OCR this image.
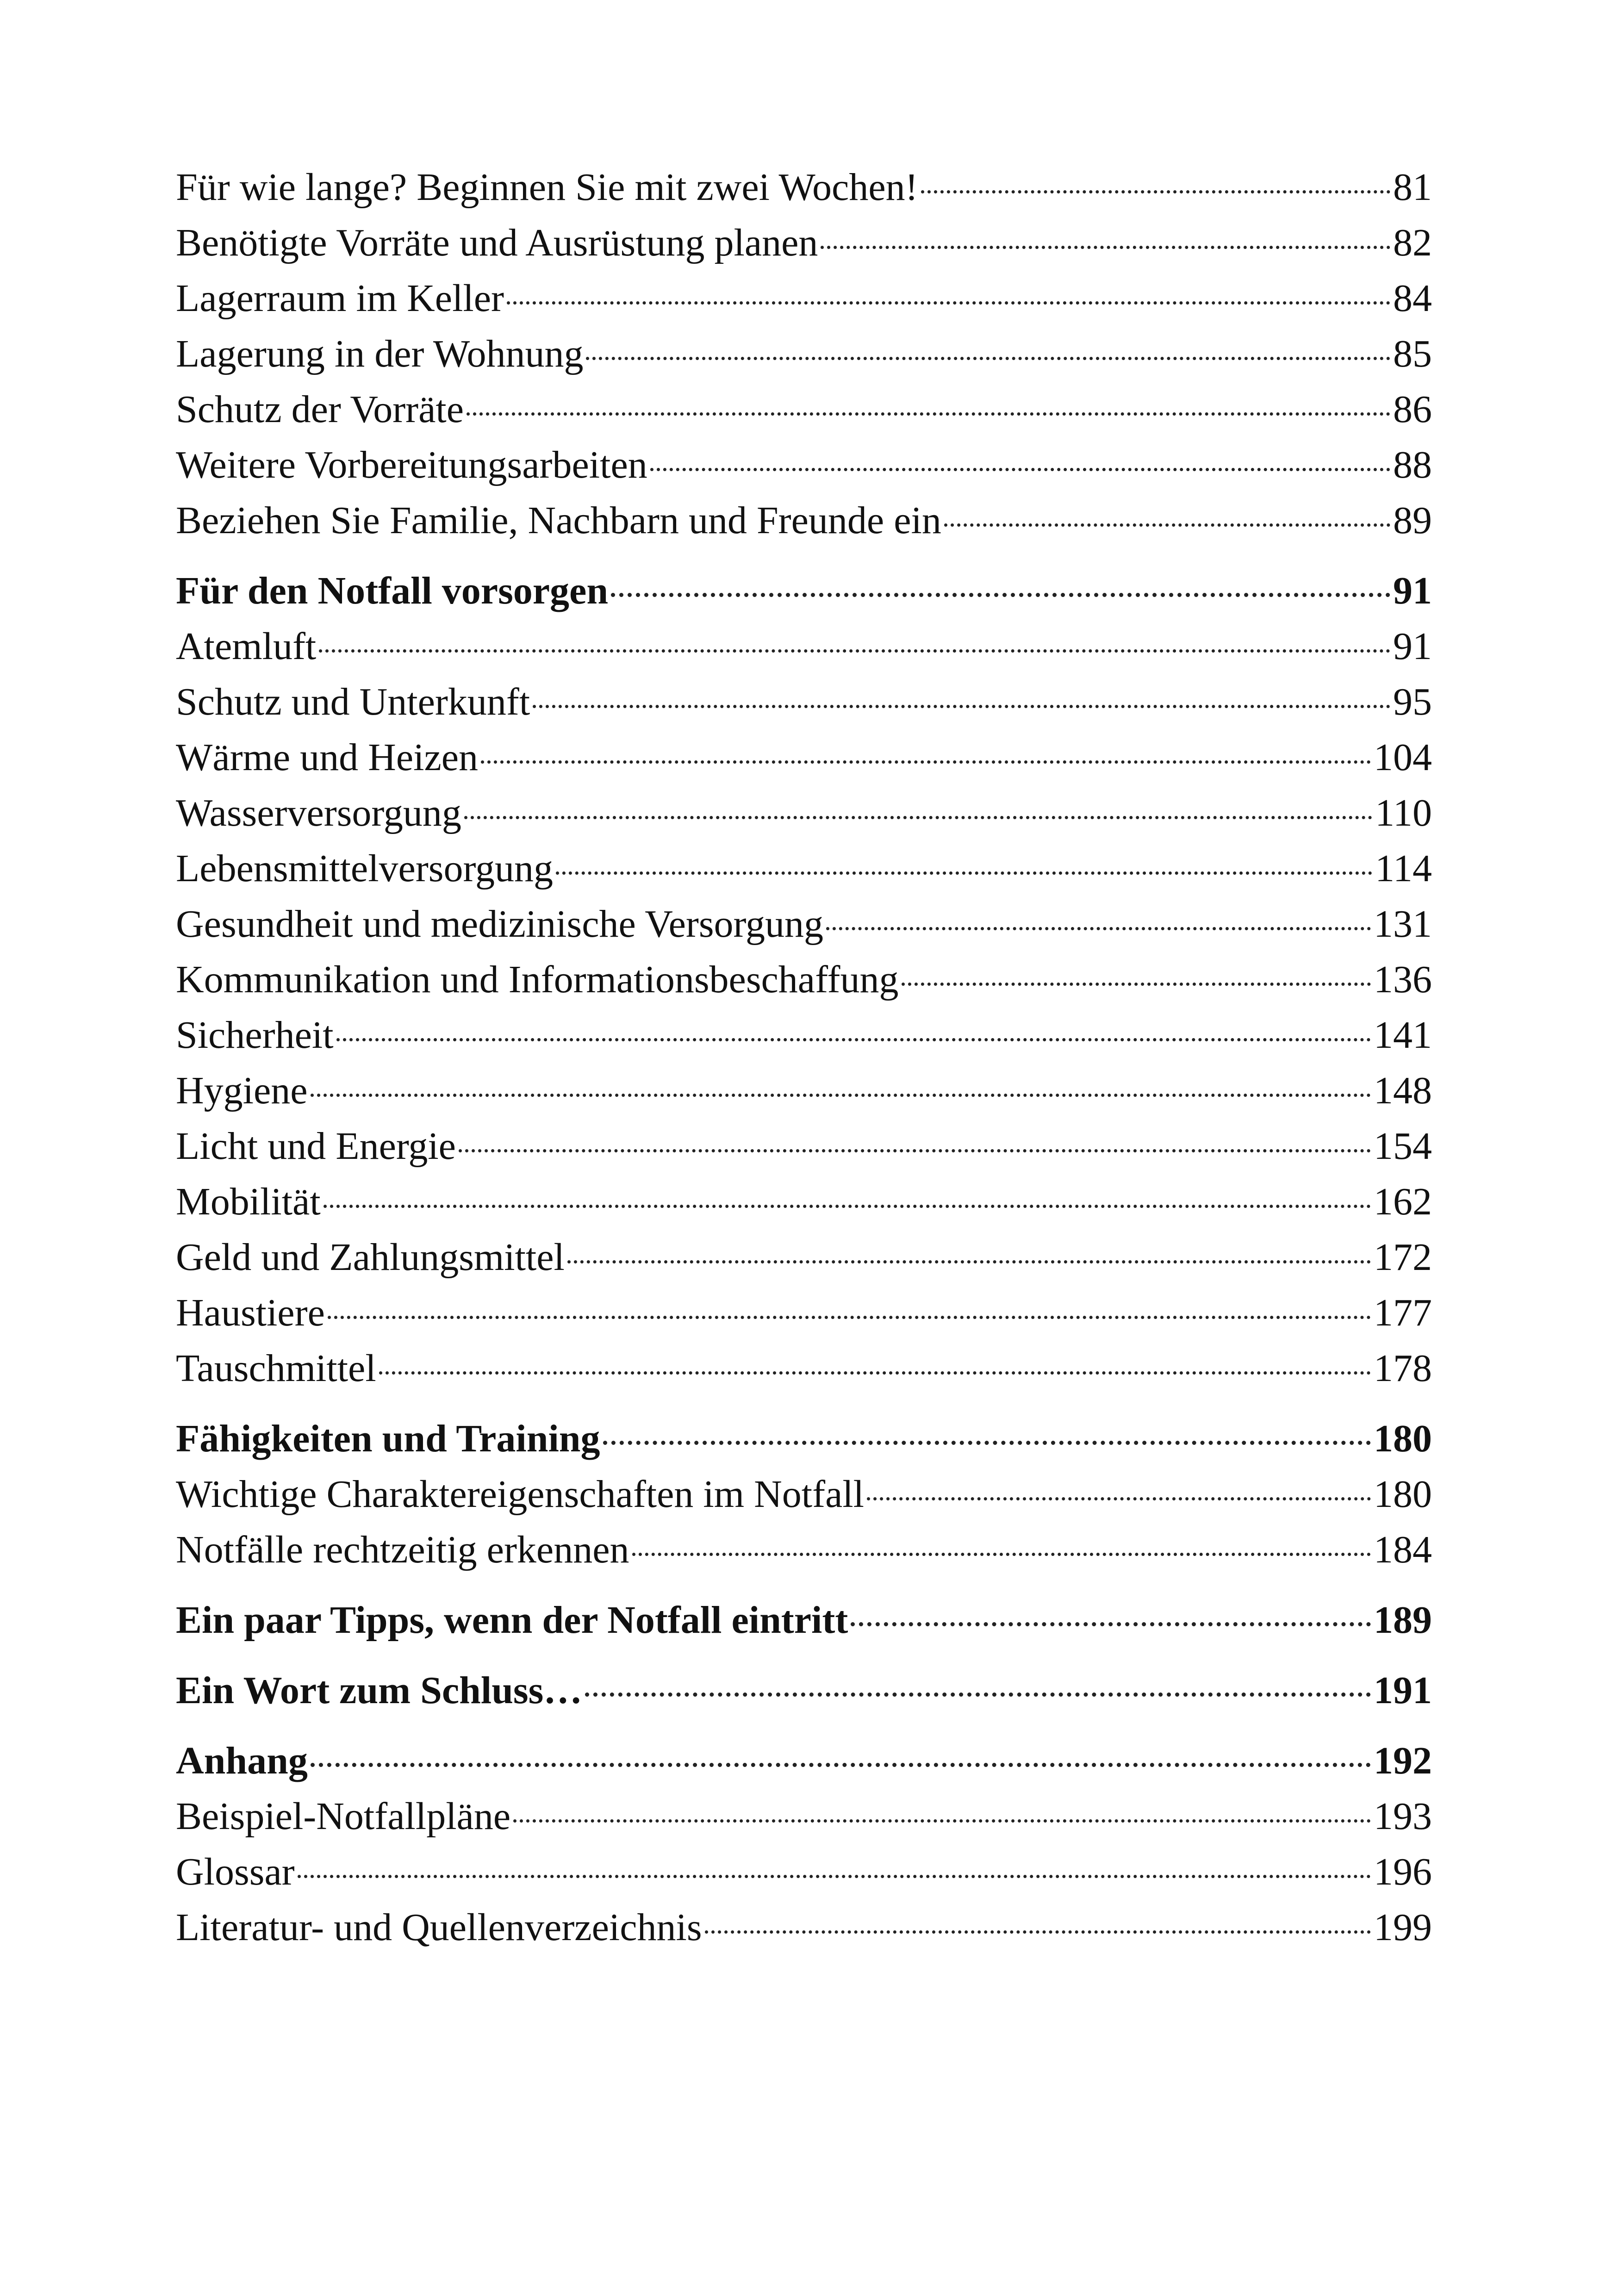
Für wie lange? Beginnen Sie mit zwei Wochen!	81
Benötigte Vorräte und Ausrüstung planen	82
Lagerraum im Keller	84
Lagerung in der Wohnung	85
Schutz der Vorräte	86
Weitere Vorbereitungsarbeiten	88
Beziehen Sie Familie, Nachbarn und Freunde ein	89
Für den Notfall vorsorgen	91
Atemluft	91
Schutz und Unterkunft	95
Wärme und Heizen	104
Wasserversorgung	110
Lebensmittelversorgung	114
Gesundheit und medizinische Versorgung	131
Kommunikation und Informationsbeschaffung	136
Sicherheit	141
Hygiene	148
Licht und Energie	154
Mobilität	162
Geld und Zahlungsmittel	172
Haustiere	177
Tauschmittel	178
Fähigkeiten und Training	180
Wichtige Charaktereigenschaften im Notfall	180
Notfälle rechtzeitig erkennen	184
Ein paar Tipps, wenn der Notfall eintritt	189
Ein Wort zum Schluss…	191
Anhang	192
Beispiel-Notfallpläne	193
Glossar	196
Literatur- und Quellenverzeichnis	199
